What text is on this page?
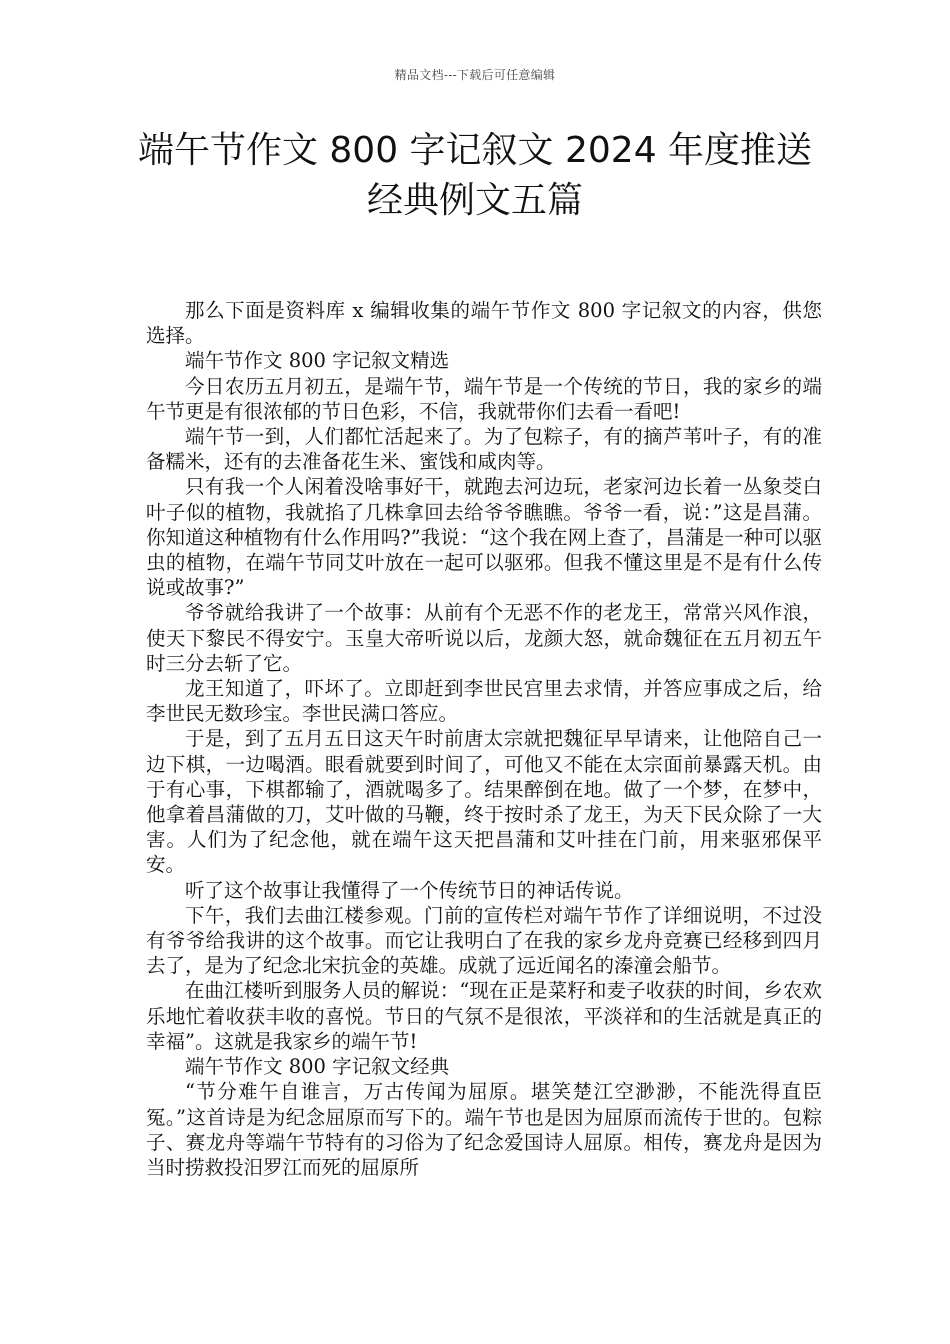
精品文档---下载后可任意编辑
端午节作文 800 字记叙文 2024 年度推送
经典例文五篇

那么下面是资料库 x 编辑收集的端午节作文 800 字记叙文的内容，供您选择。

端午节作文 800 字记叙文精选

今日农历五月初五，是端午节，端午节是一个传统的节日，我的家乡的端午节更是有很浓郁的节日色彩，不信，我就带你们去看一看吧!

端午节一到，人们都忙活起来了。为了包粽子，有的摘芦苇叶子，有的准备糯米，还有的去准备花生米、蜜饯和咸肉等。

只有我一个人闲着没啥事好干，就跑去河边玩，老家河边长着一丛象茭白叶子似的植物，我就掐了几株拿回去给爷爷瞧瞧。爷爷一看，说：”这是昌蒲。你知道这种植物有什么作用吗?”我说：“这个我在网上查了，昌蒲是一种可以驱虫的植物，在端午节同艾叶放在一起可以驱邪。但我不懂这里是不是有什么传说或故事?”

爷爷就给我讲了一个故事：从前有个无恶不作的老龙王，常常兴风作浪，使天下黎民不得安宁。玉皇大帝听说以后，龙颜大怒，就命魏征在五月初五午时三分去斩了它。

龙王知道了，吓坏了。立即赶到李世民宫里去求情，并答应事成之后，给李世民无数珍宝。李世民满口答应。

于是，到了五月五日这天午时前唐太宗就把魏征早早请来，让他陪自己一边下棋，一边喝酒。眼看就要到时间了，可他又不能在太宗面前暴露天机。由于有心事，下棋都输了，酒就喝多了。结果醉倒在地。做了一个梦，在梦中，他拿着昌蒲做的刀，艾叶做的马鞭，终于按时杀了龙王，为天下民众除了一大害。人们为了纪念他，就在端午这天把昌蒲和艾叶挂在门前，用来驱邪保平安。

听了这个故事让我懂得了一个传统节日的神话传说。

下午，我们去曲江楼参观。门前的宣传栏对端午节作了详细说明，不过没有爷爷给我讲的这个故事。而它让我明白了在我的家乡龙舟竞赛已经移到四月去了，是为了纪念北宋抗金的英雄。成就了远近闻名的溱潼会船节。

在曲江楼听到服务人员的解说：“现在正是菜籽和麦子收获的时间，乡农欢乐地忙着收获丰收的喜悦。节日的气氛不是很浓，平淡祥和的生活就是真正的幸福”。这就是我家乡的端午节!

端午节作文 800 字记叙文经典

“节分难午自谁言，万古传闻为屈原。堪笑楚江空渺渺，不能洗得直臣冤。”这首诗是为纪念屈原而写下的。端午节也是因为屈原而流传于世的。包粽子、赛龙舟等端午节特有的习俗为了纪念爱国诗人屈原。相传，赛龙舟是因为当时捞救投汨罗江而死的屈原所
